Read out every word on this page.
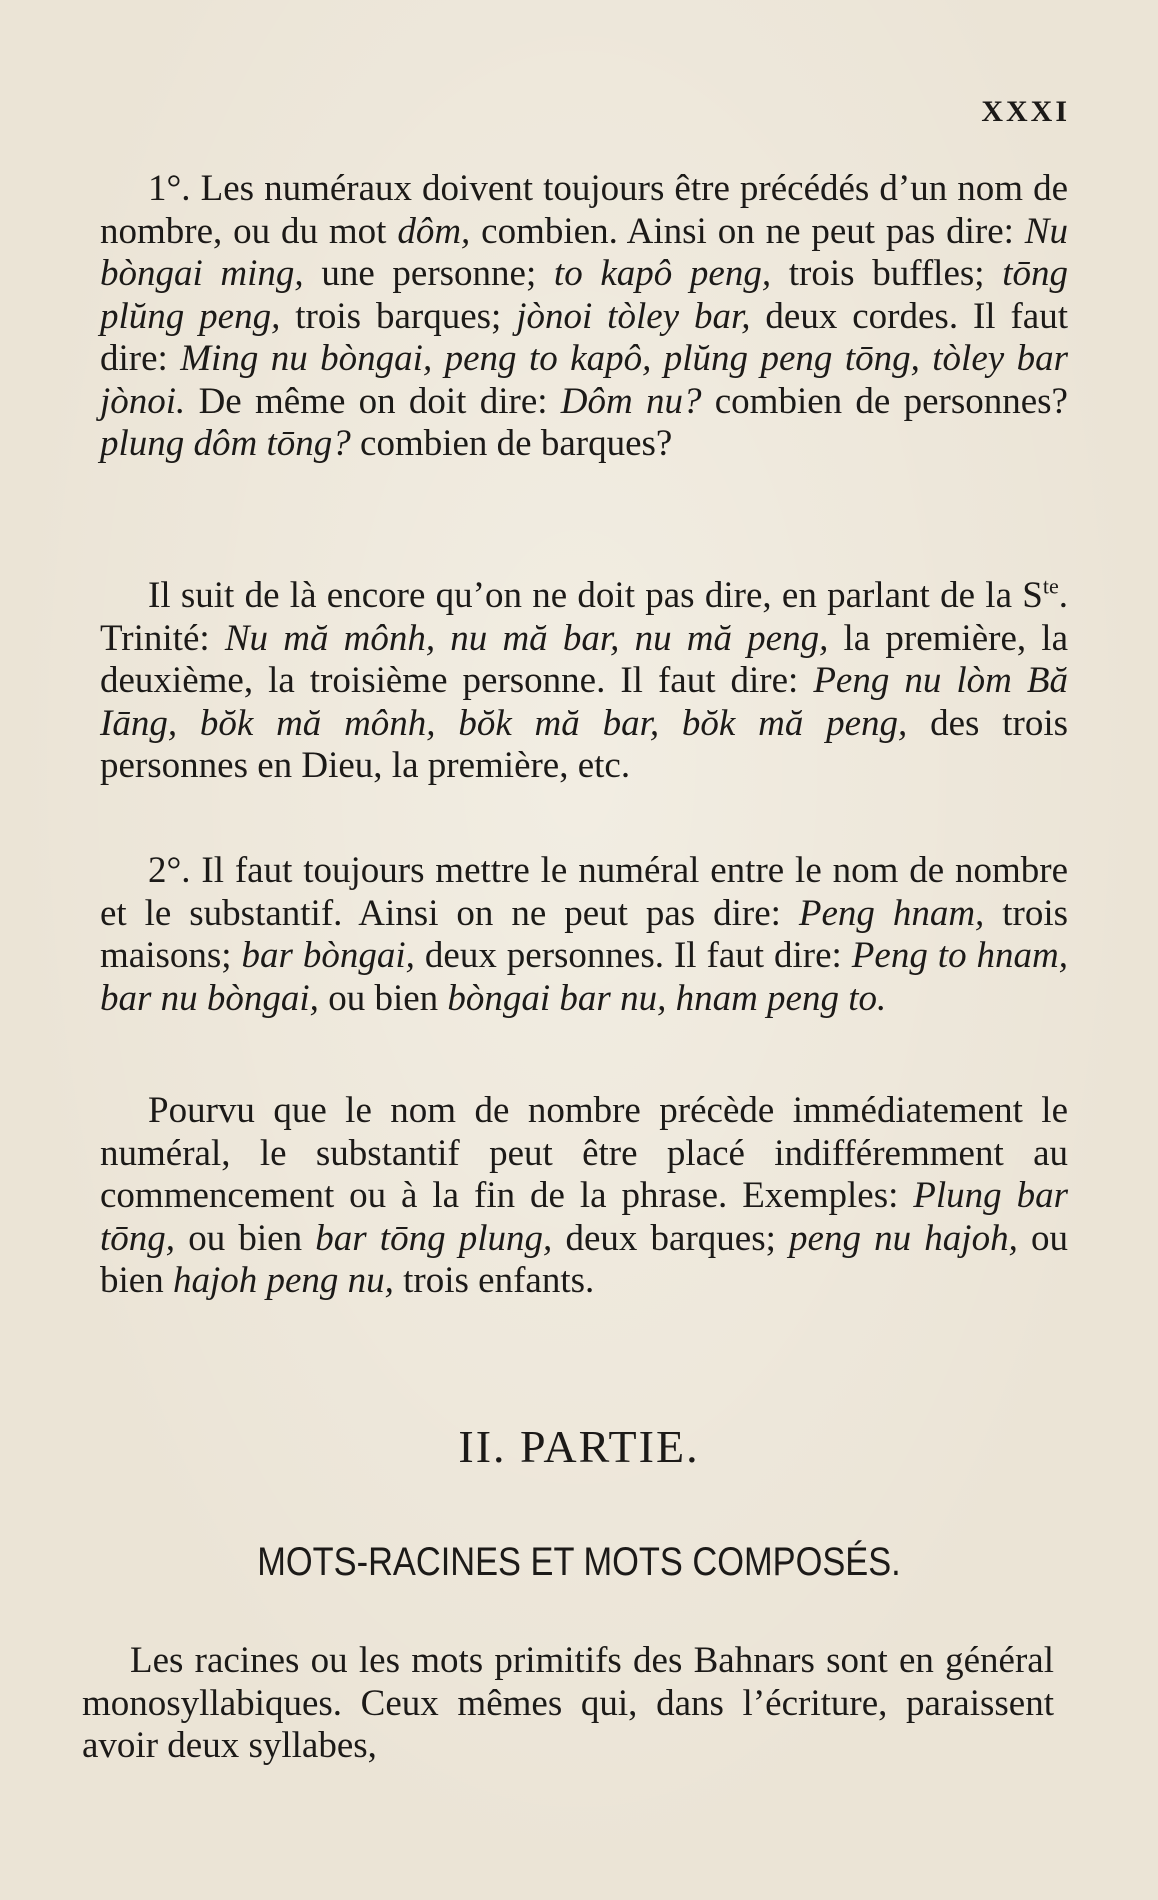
XXXI

1°. Les numéraux doivent toujours être précédés d’un nom de nombre, ou du mot dôm, combien. Ainsi on ne peut pas dire: Nu bòngai ming, une personne; to kapô peng, trois buffles; tōng plŭng peng, trois barques; jònoi tòley bar, deux cordes. Il faut dire: Ming nu bòngai, peng to kapô, plŭng peng tōng, tòley bar jònoi. De même on doit dire: Dôm nu? combien de personnes? plung dôm tōng? combien de barques?

Il suit de là encore qu’on ne doit pas dire, en parlant de la $S^{te}$. Trinité: Nu mă mônh, nu mă bar, nu mă peng, la première, la deuxième, la troisième personne. Il faut dire: Peng nu lòm Bă Iāng, bŏk mă mônh, bŏk mă bar, bŏk mă peng, des trois personnes en Dieu, la première, etc.

2°. Il faut toujours mettre le numéral entre le nom de nombre et le substantif. Ainsi on ne peut pas dire: Peng hnam, trois maisons; bar bòngai, deux personnes. Il faut dire: Peng to hnam, bar nu bòngai, ou bien bòngai bar nu, hnam peng to.

Pourvu que le nom de nombre précède immédiatement le numéral, le substantif peut être placé indifféremment au commencement ou à la fin de la phrase. Exemples: Plung bar tōng, ou bien bar tōng plung, deux barques; peng nu hajoh, ou bien hajoh peng nu, trois enfants.

II. PARTIE.
MOTS-RACINES ET MOTS COMPOSÉS.

Les racines ou les mots primitifs des Bahnars sont en général monosyllabiques. Ceux mêmes qui, dans l’écriture, paraissent avoir deux syllabes,
